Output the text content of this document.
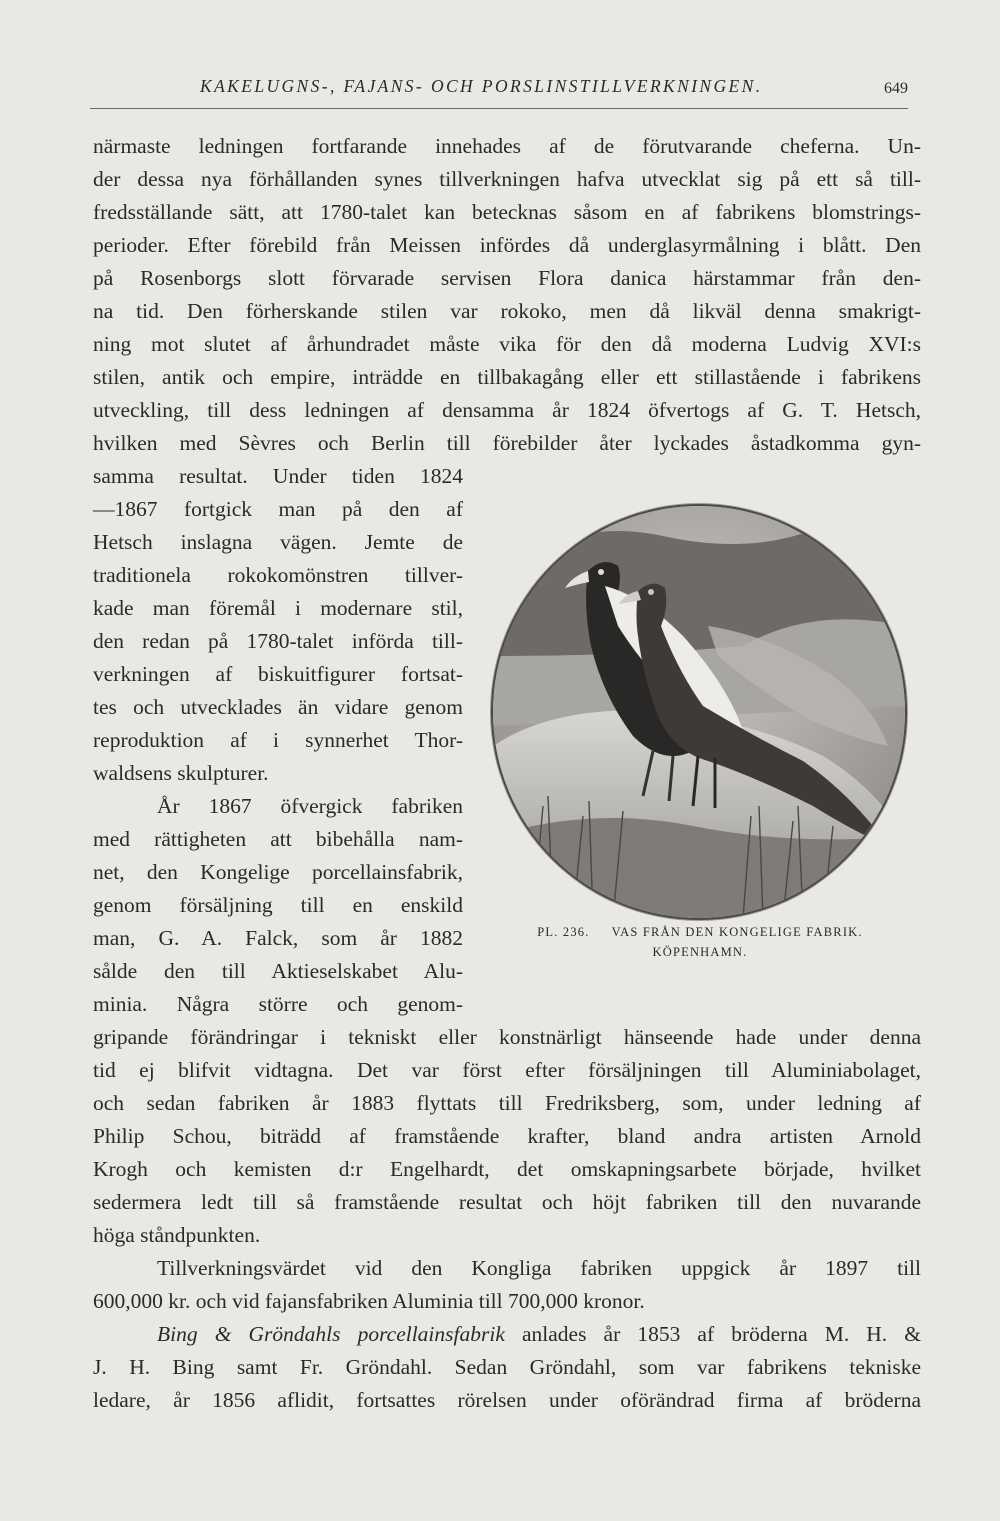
KAKELUGNS-, FAJANS- OCH PORSLINSTILLVERKNINGEN.	649
närmaste ledningen fortfarande innehades af de förutvarande cheferna. Un-
der dessa nya förhållanden synes tillverkningen hafva utvecklat sig på ett så till-
fredsställande sätt, att 1780-talet kan betecknas såsom en af fabrikens blomstrings-
perioder. Efter förebild från Meissen infördes då underglasyrmålning i blått. Den
på Rosenborgs slott förvarade servisen Flora danica härstammar från den-
na tid. Den förherskande stilen var rokoko, men då likväl denna smakrigt-
ning mot slutet af århundradet måste vika för den då moderna Ludvig XVI:s
stilen, antik och empire, inträdde en tillbakagång eller ett stillastående i fabrikens
utveckling, till dess ledningen af densamma år 1824 öfvertogs af G. T. Hetsch,
hvilken med Sèvres och Berlin till förebilder åter lyckades åstadkomma gyn-
samma resultat. Under tiden 1824
—1867 fortgick man på den af
Hetsch inslagna vägen. Jemte de
traditionela rokokomönstren tillver-
kade man föremål i modernare stil,
den redan på 1780-talet införda till-
verkningen af biskuitfigurer fortsat-
tes och utvecklades än vidare genom
reproduktion af i synnerhet Thor-
waldsens skulpturer.
År 1867 öfvergick fabriken
med rättigheten att bibehålla nam-
net, den Kongelige porcellainsfabrik,
genom försäljning till en enskild
man, G. A. Falck, som år 1882
sålde den till Aktieselskabet Alu-
minia. Några större och genom-
gripande förändringar i tekniskt eller konstnärligt hänseende hade under denna
tid ej blifvit vidtagna. Det var först efter försäljningen till Aluminiabolaget,
och sedan fabriken år 1883 flyttats till Fredriksberg, som, under ledning af
Philip Schou, biträdd af framstående krafter, bland andra artisten Arnold
Krogh och kemisten d:r Engelhardt, det omskapningsarbete började, hvilket
sedermera ledt till så framstående resultat och höjt fabriken till den nuvarande
höga ståndpunkten.
Tillverkningsvärdet vid den Kongliga fabriken uppgick år 1897 till
600,000 kr. och vid fajansfabriken Aluminia till 700,000 kronor.
Bing & Gröndahls porcellainsfabrik anlades år 1853 af bröderna M. H. &
J. H. Bing samt Fr. Gröndahl. Sedan Gröndahl, som var fabrikens tekniske
ledare, år 1856 aflidit, fortsattes rörelsen under oförändrad firma af bröderna
PL. 236. VAS FRÅN DEN KONGELIGE FABRIK.
KÖPENHAMN.
